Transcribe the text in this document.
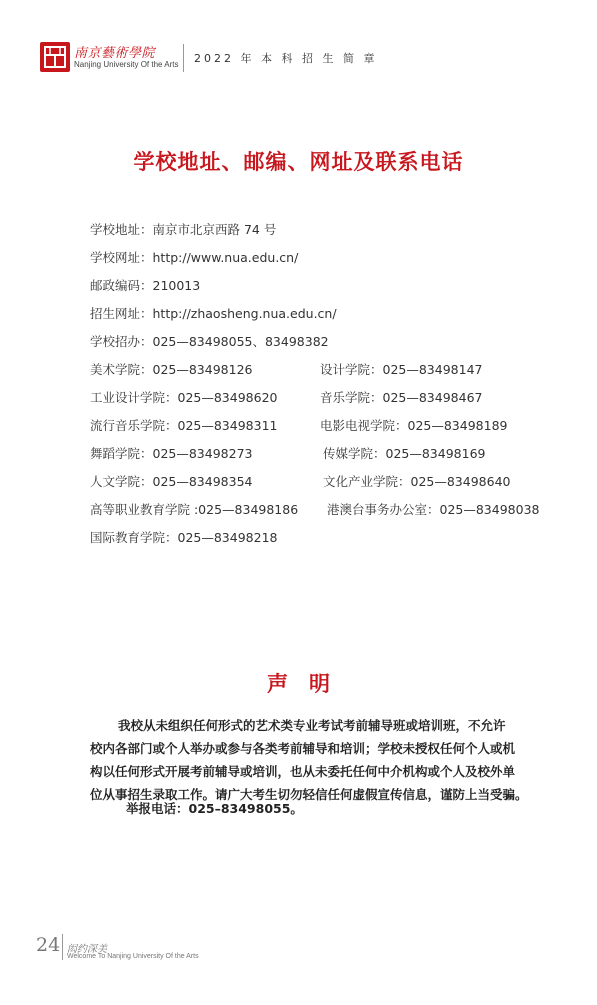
南京藝術學院
Nanjing University Of the Arts 2022 年 本 科 招 生 简 章
学校地址、邮编、网址及联系电话
学校地址：南京市北京西路 74 号
学校网址：http://www.nua.edu.cn/
邮政编码：210013
招生网址：http://zhaosheng.nua.edu.cn/
学校招办：025—83498055、83498382
美术学院：025—83498126	设计学院：025—83498147
工业设计学院：025—83498620	音乐学院：025—83498467
流行音乐学院：025—83498311	电影电视学院：025—83498189
舞蹈学院：025—83498273	传媒学院：025—83498169
人文学院：025—83498354	文化产业学院：025—83498640
高等职业教育学院 :025—83498186 港澳台事务办公室：025—83498038
国际教育学院：025—83498218
声　明
我校从未组织任何形式的艺术类专业考试考前辅导班或培训班，不允许
校内各部门或个人举办或参与各类考前辅导和培训；学校未授权任何个人或机
构以任何形式开展考前辅导或培训，也从未委托任何中介机构或个人及校外单
位从事招生录取工作。请广大考生切勿轻信任何虚假宣传信息，谨防上当受骗。
举报电话：025–83498055。
24 闳约深美
Welcome To Nanjing University Of the Arts
